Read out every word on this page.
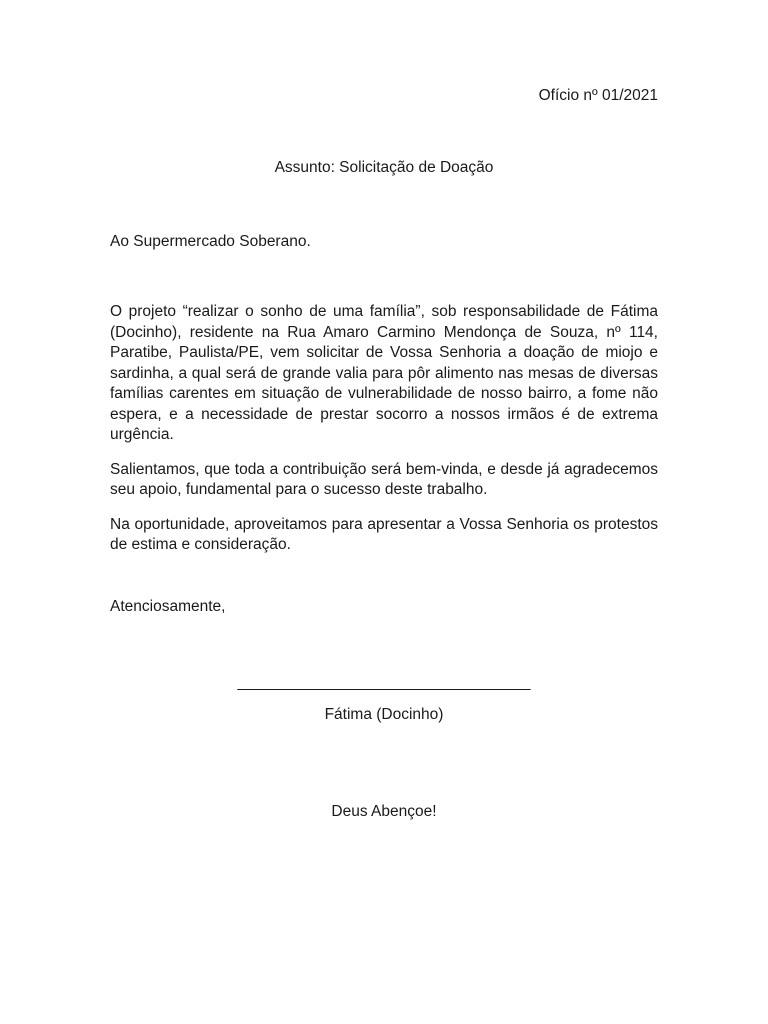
Ofício nº 01/2021
Assunto: Solicitação de Doação
Ao Supermercado Soberano.

O projeto “realizar o sonho de uma família”, sob responsabilidade de Fátima (Docinho), residente na Rua Amaro Carmino Mendonça de Souza, nº 114, Paratibe, Paulista/PE, vem solicitar de Vossa Senhoria a doação de miojo e sardinha, a qual será de grande valia para pôr alimento nas mesas de diversas famílias carentes em situação de vulnerabilidade de nosso bairro, a fome não espera, e a necessidade de prestar socorro a nossos irmãos é de extrema urgência.

Salientamos, que toda a contribuição será bem-vinda, e desde já agradecemos seu apoio, fundamental para o sucesso deste trabalho.

Na oportunidade, aproveitamos para apresentar a Vossa Senhoria os protestos de estima e consideração.

Atenciosamente,
__________________________________
Fátima (Docinho)
Deus Abençoe!
